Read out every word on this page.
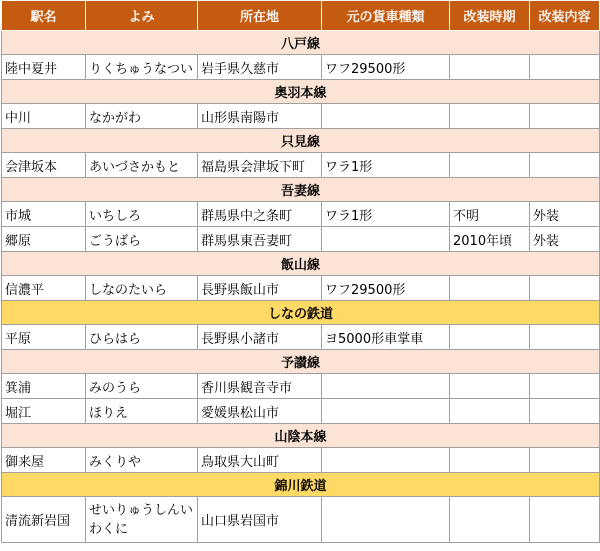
駅名	よみ	所在地	元の貨車種類	改装時期	改装内容
八戸線					
陸中夏井	りくちゅうなつい	岩手県久慈市	ワフ29500形		
奥羽本線					
中川	なかがわ	山形県南陽市			
只見線					
会津坂本	あいづさかもと	福島県会津坂下町	ワラ1形		
吾妻線					
市城	いちしろ	群馬県中之条町	ワラ1形	不明	外装
郷原	ごうばら	群馬県東吾妻町		2010年頃	外装
飯山線					
信濃平	しなのたいら	長野県飯山市	ワフ29500形		
しなの鉄道					
平原	ひらはら	長野県小諸市	ヨ5000形車掌車		
予讃線					
箕浦	みのうら	香川県観音寺市			
堀江	ほりえ	愛媛県松山市			
山陰本線					
御来屋	みくりや	鳥取県大山町			
錦川鉄道					
清流新岩国	せいりゅうしんいわくに	山口県岩国市			
